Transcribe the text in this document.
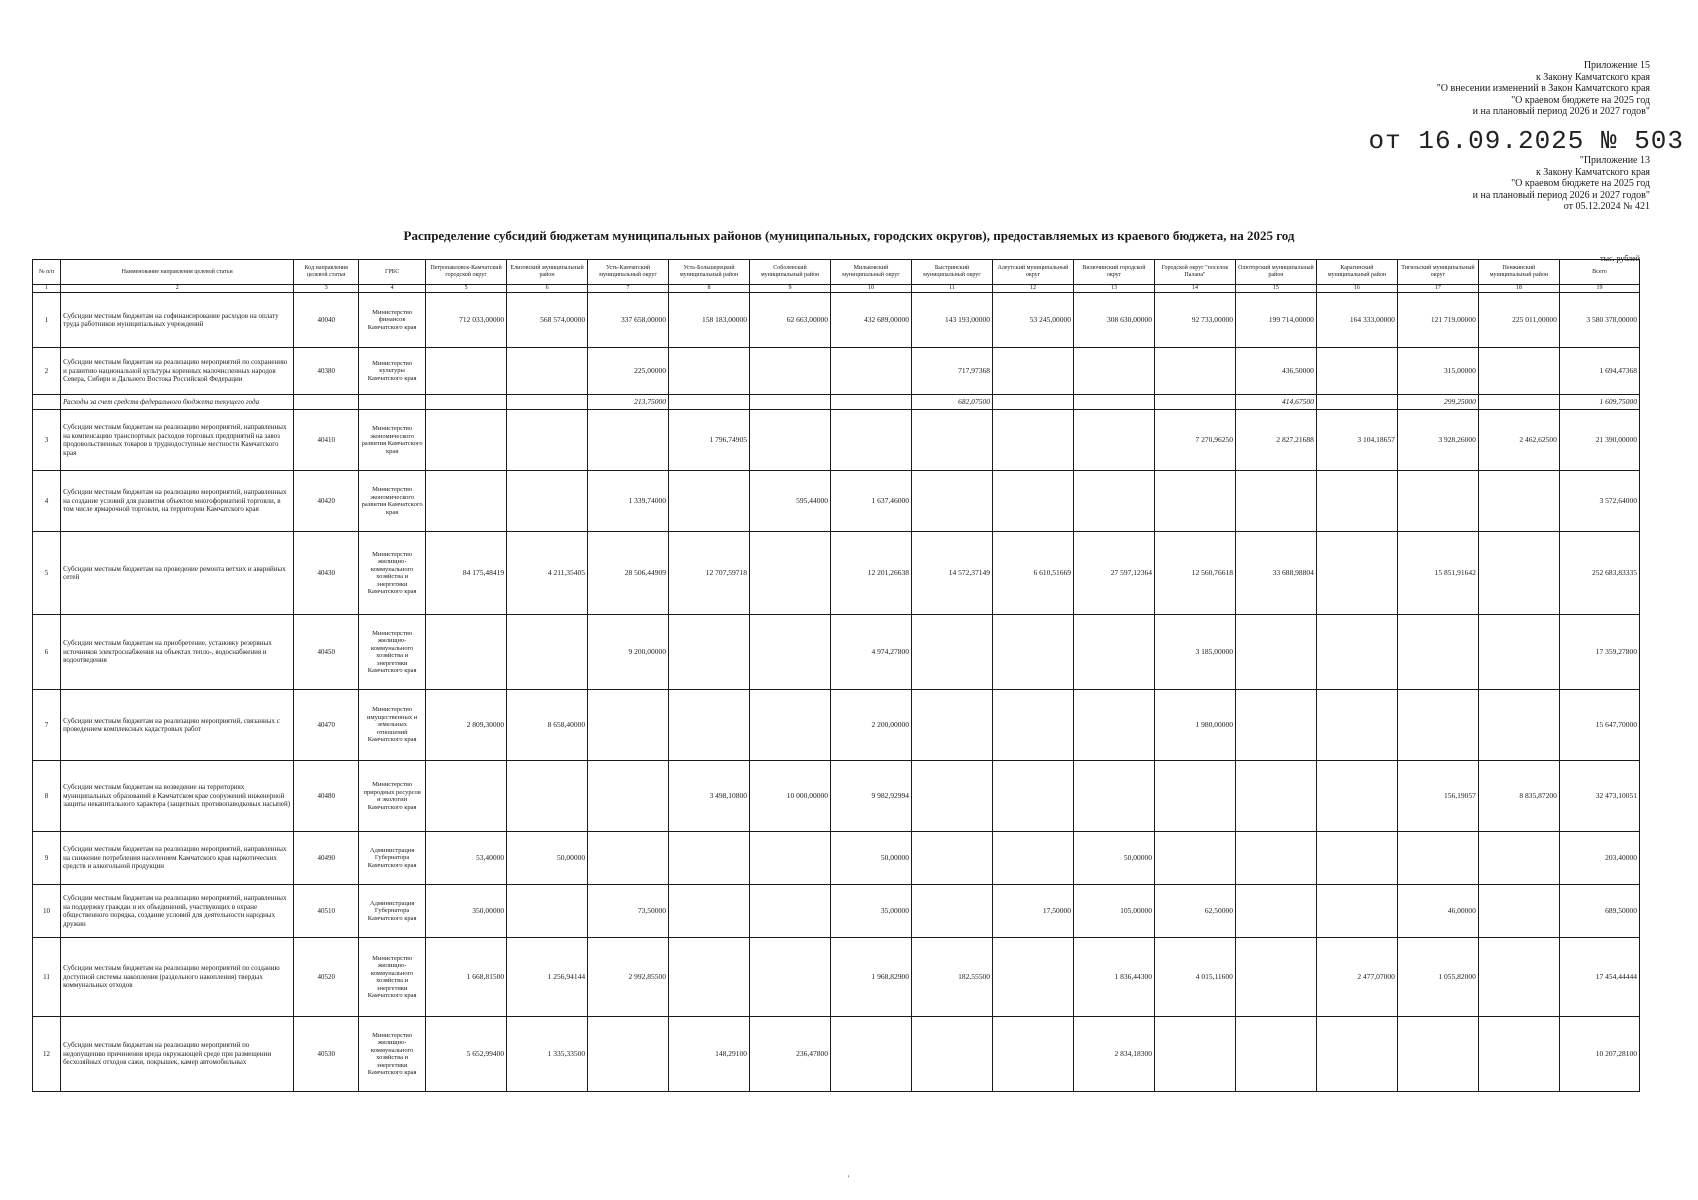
Приложение 15
к Закону Камчатского края
"О внесении изменений в Закон Камчатского края
"О краевом бюджете на 2025 год
и на плановый период 2026 и 2027 годов"
от 16.09.2025 № 503
"Приложение 13
к Закону Камчатского края
"О краевом бюджете на 2025 год
и на плановый период 2026 и 2027 годов"
от 05.12.2024 № 421
Распределение субсидий бюджетам муниципальных районов (муниципальных, городских округов), предоставляемых из краевого бюджета, на 2025 год
тыс. рублей
№ п/п	Наименование направления целевой статьи	Код направления целевой статьи	ГРБС	Петропавловск-Камчатский городской округ	Елизовский муниципальный район	Усть-Камчатский муниципальный округ	Усть-Большерецкий муниципальный район	Соболевский муниципальный район	Мильковский муниципальный округ	Быстринский муниципальный округ	Алеутский муниципальный округ	Вилючинский городской округ	Городской округ "поселок Палана"	Олюторский муниципальный район	Карагинский муниципальный район	Тигильский муниципальный округ	Пенжинский муниципальный район	Всего
1	2	3	4	5	6	7	8	9	10	11	12	13	14	15	16	17	18	19
1	Субсидии местным бюджетам на софинансирование расходов на оплату труда работников муниципальных учреждений	40040	Министерство финансов Камчатского края	712 033,00000	568 574,00000	337 658,00000	158 183,00000	62 663,00000	432 689,00000	143 193,00000	53 245,00000	308 630,00000	92 733,00000	199 714,00000	164 333,00000	121 719,00000	225 011,00000	3 580 378,00000
2	Субсидии местным бюджетам на реализацию мероприятий по сохранению и развитию национальной культуры коренных малочисленных народов Севера, Сибири и Дальнего Востока Российской Федерации	40380	Министерство культуры Камчатского края			225,00000				717,97368				436,50000		315,00000		1 694,47368
	Расходы за счет средств федерального бюджета текущего года					213,75000				682,07500				414,67500		299,25000		1 609,75000
3	Субсидии местным бюджетам на реализацию мероприятий, направленных на компенсацию транспортных расходов торговых предприятий на завоз продовольственных товаров в труднодоступные местности Камчатского края	40410	Министерство экономического развития Камчатского края				1 796,74905						7 270,96250	2 827,21688	3 104,18657	3 928,26000	2 462,62500	21 390,00000
4	Субсидии местным бюджетам на реализацию мероприятий, направленных на создание условий для развития объектов многоформатной торговли, в том числе ярмарочной торговли, на территории Камчатского края	40420	Министерство экономического развития Камчатского края			1 339,74000		595,44000	1 637,46000									3 572,64000
5	Субсидии местным бюджетам на проведение ремонта ветхих и аварийных сетей	40430	Министерство жилищно-коммунального хозяйства и энергетики Камчатского края	84 175,48419	4 211,35405	28 506,44909	12 707,59718		12 201,26638	14 572,37149	6 610,51669	27 597,12364	12 560,76618	33 688,98804		15 851,91642		252 683,83335
6	Субсидии местным бюджетам на приобретение, установку резервных источников электроснабжения на объектах тепло-, водоснабжения и водоотведения	40450	Министерство жилищно-коммунального хозяйства и энергетики Камчатского края			9 200,00000			4 974,27800				3 185,00000					17 359,27800
7	Субсидии местным бюджетам на реализацию мероприятий, связанных с проведением комплексных кадастровых работ	40470	Министерство имущественных и земельных отношений Камчатского края	2 809,30000	8 658,40000				2 200,00000				1 980,00000					15 647,70000
8	Субсидии местным бюджетам на возведение на территориях муниципальных образований в Камчатском крае сооружений инженерной защиты некапитального характера (защитных противопаводковых насыпей)	40480	Министерство природных ресурсов и экологии Камчатского края				3 498,10800	10 000,00000	9 982,92994							156,19057	8 835,87200	32 473,10051
9	Субсидии местным бюджетам на реализацию мероприятий, направленных на снижение потребления населением Камчатского края наркотических средств и алкогольной продукции	40490	Администрация Губернатора Камчатского края	53,40000	50,00000				50,00000			50,00000						203,40000
10	Субсидии местным бюджетам на реализацию мероприятий, направленных на поддержку граждан и их объединений, участвующих в охране общественного порядка, создание условий для деятельности народных дружин	40510	Администрация Губернатора Камчатского края	350,00000		73,50000			35,00000		17,50000	105,00000	62,50000			46,00000		689,50000
11	Субсидии местным бюджетам на реализацию мероприятий по созданию доступной системы накопления (раздельного накопления) твердых коммунальных отходов	40520	Министерство жилищно-коммунального хозяйства и энергетики Камчатского края	1 668,81500	1 256,94144	2 992,85500			1 968,82900	182,55500		1 836,44300	4 015,11600		2 477,07000	1 055,82000		17 454,44444
12	Субсидии местным бюджетам на реализацию мероприятий по недопущению причинения вреда окружающей среде при размещении бесхозяйных отходов сажи, покрышек, камер автомобильных	40530	Министерство жилищно-коммунального хозяйства и энергетики Камчатского края	5 652,99400	1 335,33500		148,29100	236,47800				2 834,18300						10 207,28100
'
